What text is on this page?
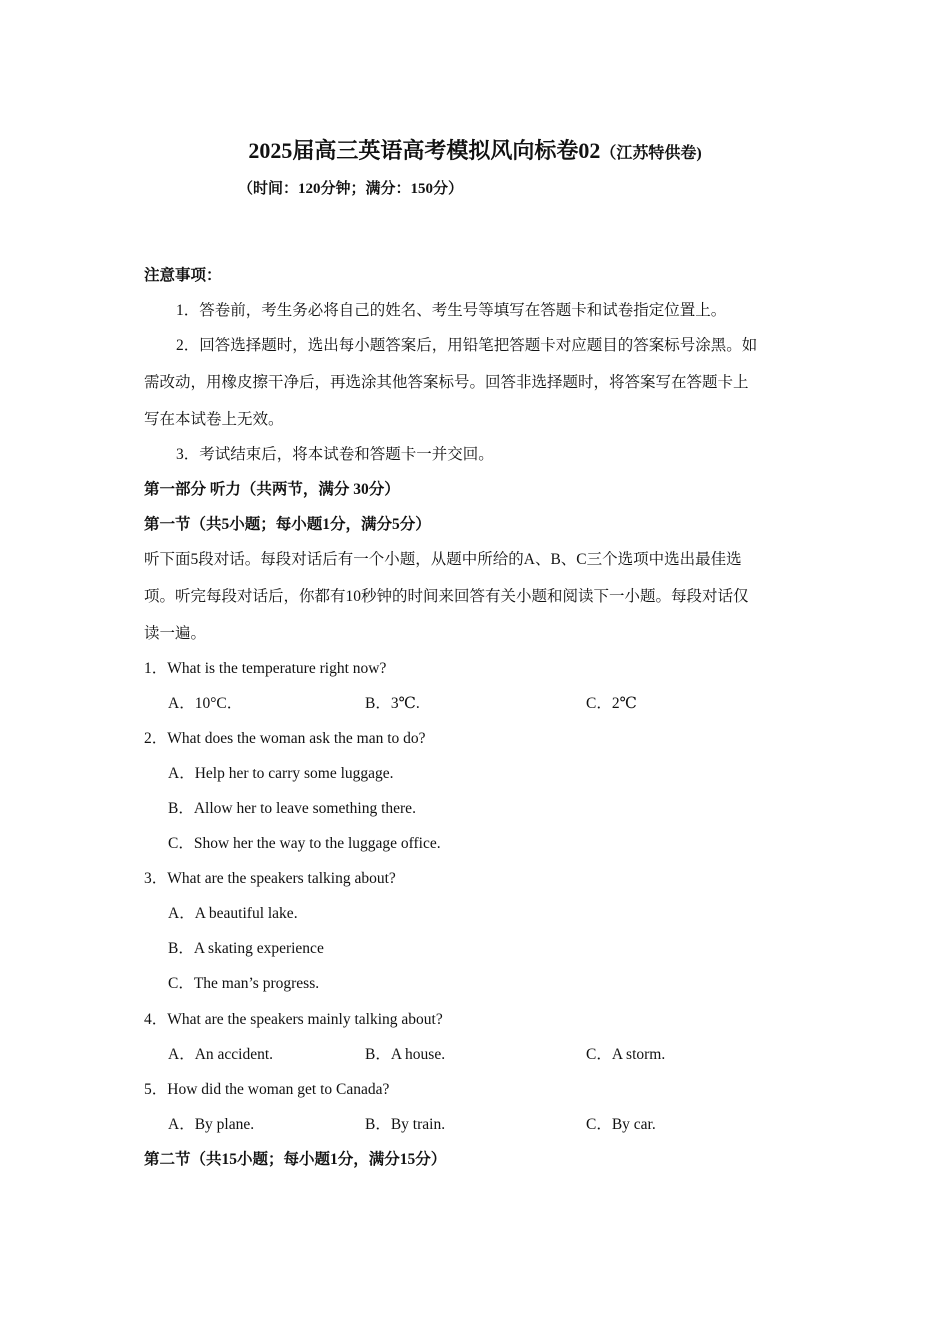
2025届高三英语高考模拟风向标卷02（江苏特供卷)
（时间：120分钟；满分：150分）
注意事项：
1．答卷前，考生务必将自己的姓名、考生号等填写在答题卡和试卷指定位置上。
2．回答选择题时，选出每小题答案后，用铅笔把答题卡对应题目的答案标号涂黑。如
需改动，用橡皮擦干净后，再选涂其他答案标号。回答非选择题时，将答案写在答题卡上
写在本试卷上无效。
3．考试结束后，将本试卷和答题卡一并交回。
第一部分 听力（共两节，满分 30分）
第一节（共5小题；每小题1分，满分5分）
听下面5段对话。每段对话后有一个小题，从题中所给的A、B、C三个选项中选出最佳选
项。听完每段对话后，你都有10秒钟的时间来回答有关小题和阅读下一小题。每段对话仅
读一遍。
1．What is the temperature right now?
A．10°C．	B．3℃.	C．2℃
2．What does the woman ask the man to do?
A．Help her to carry some luggage.
B．Allow her to leave something there.
C．Show her the way to the luggage office.
3．What are the speakers talking about?
A．A beautiful lake.
B．A skating experience
C．The man’s progress.
4．What are the speakers mainly talking about?
A．An accident.	B．A house.	C．A storm.
5．How did the woman get to Canada?
A．By plane.	B．By train.	C．By car.
第二节（共15小题；每小题1分，满分15分）
